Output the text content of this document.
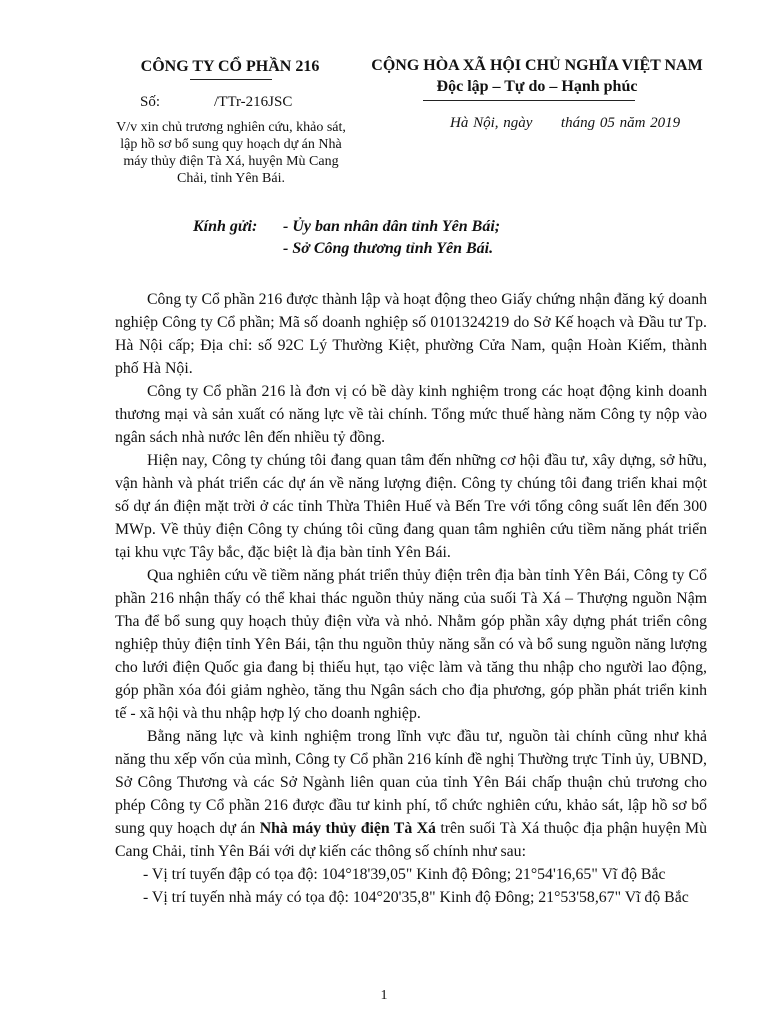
CÔNG TY CỔ PHẦN 216	CỘNG HÒA XÃ HỘI CHỦ NGHĨA VIỆT NAM
Độc lập – Tự do – Hạnh phúc
Số:	/TTr-216JSC
V/v xin chủ trương nghiên cứu, khảo sát, lập hồ sơ bổ sung quy hoạch dự án Nhà máy thủy điện Tà Xá, huyện Mù Cang Chải, tỉnh Yên Bái.
Hà Nội, ngày      tháng 05 năm 2019
Kính gửi: - Ủy ban nhân dân tỉnh Yên Bái;
- Sở Công thương tỉnh Yên Bái.

Công ty Cổ phần 216 được thành lập và hoạt động theo Giấy chứng nhận đăng ký doanh nghiệp Công ty Cổ phần; Mã số doanh nghiệp số 0101324219 do Sở Kế hoạch và Đầu tư Tp. Hà Nội cấp; Địa chỉ: số 92C Lý Thường Kiệt, phường Cửa Nam, quận Hoàn Kiếm, thành phố Hà Nội.

Công ty Cổ phần 216 là đơn vị có bề dày kinh nghiệm trong các hoạt động kinh doanh thương mại và sản xuất có năng lực về tài chính. Tổng mức thuế hàng năm Công ty nộp vào ngân sách nhà nước lên đến nhiều tỷ đồng.

Hiện nay, Công ty chúng tôi đang quan tâm đến những cơ hội đầu tư, xây dựng, sở hữu, vận hành và phát triển các dự án về năng lượng điện. Công ty chúng tôi đang triển khai một số dự án điện mặt trời ở các tỉnh Thừa Thiên Huế và Bến Tre với tổng công suất lên đến 300 MWp. Về thủy điện Công ty chúng tôi cũng đang quan tâm nghiên cứu tiềm năng phát triển tại khu vực Tây bắc, đặc biệt là địa bàn tỉnh Yên Bái.

Qua nghiên cứu về tiềm năng phát triển thủy điện trên địa bàn tỉnh Yên Bái, Công ty Cổ phần 216 nhận thấy có thể khai thác nguồn thủy năng của suối Tà Xá – Thượng nguồn Nậm Tha để bổ sung quy hoạch thủy điện vừa và nhỏ. Nhằm góp phần xây dựng phát triển công nghiệp thủy điện tỉnh Yên Bái, tận thu nguồn thủy năng sẵn có và bổ sung nguồn năng lượng cho lưới điện Quốc gia đang bị thiếu hụt, tạo việc làm và tăng thu nhập cho người lao động, góp phần xóa đói giảm nghèo, tăng thu Ngân sách cho địa phương, góp phần phát triển kinh tế - xã hội và thu nhập hợp lý cho doanh nghiệp.

Bằng năng lực và kinh nghiệm trong lĩnh vực đầu tư, nguồn tài chính cũng như khả năng thu xếp vốn của mình, Công ty Cổ phần 216 kính đề nghị Thường trực Tỉnh ủy, UBND, Sở Công Thương và các Sở Ngành liên quan của tỉnh Yên Bái chấp thuận chủ trương cho phép Công ty Cổ phần 216 được đầu tư kinh phí, tổ chức nghiên cứu, khảo sát, lập hồ sơ bổ sung quy hoạch dự án Nhà máy thủy điện Tà Xá trên suối Tà Xá thuộc địa phận huyện Mù Cang Chải, tỉnh Yên Bái với dự kiến các thông số chính như sau:

- Vị trí tuyến đập có tọa độ: 104°18'39,05" Kinh độ Đông; 21°54'16,65" Vĩ độ Bắc

- Vị trí tuyến nhà máy có tọa độ: 104°20'35,8" Kinh độ Đông; 21°53'58,67" Vĩ độ Bắc

1
